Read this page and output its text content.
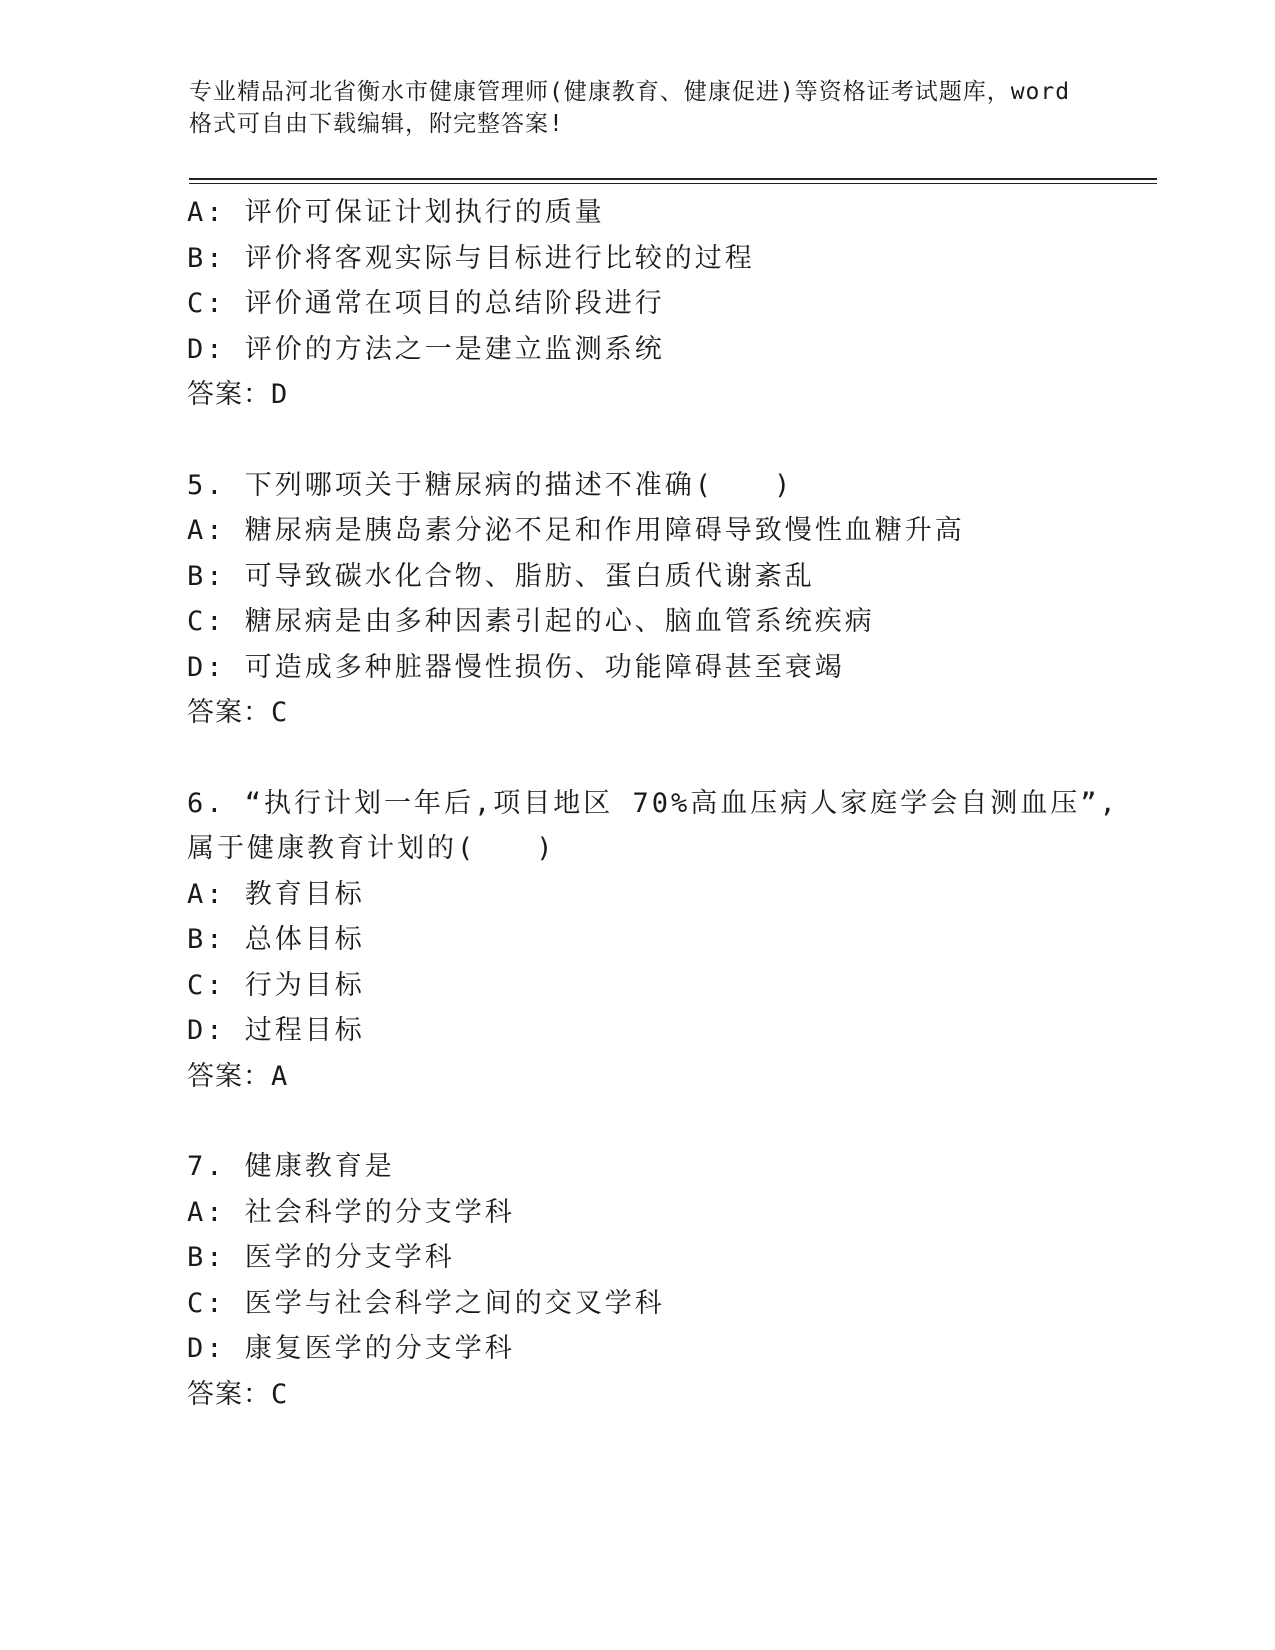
专业精品河北省衡水市健康管理师(健康教育、健康促进)等资格证考试题库，word
格式可自由下载编辑，附完整答案!
A: 评价可保证计划执行的质量
B: 评价将客观实际与目标进行比较的过程
C: 评价通常在项目的总结阶段进行
D: 评价的方法之一是建立监测系统
答案：D
5. 下列哪项关于糖尿病的描述不准确(　　)
A: 糖尿病是胰岛素分泌不足和作用障碍导致慢性血糖升高
B: 可导致碳水化合物、脂肪、蛋白质代谢紊乱
C: 糖尿病是由多种因素引起的心、脑血管系统疾病
D: 可造成多种脏器慢性损伤、功能障碍甚至衰竭
答案：C
6. “执行计划一年后,项目地区 70%高血压病人家庭学会自测血压”,
属于健康教育计划的(　　)
A: 教育目标
B: 总体目标
C: 行为目标
D: 过程目标
答案：A
7. 健康教育是
A: 社会科学的分支学科
B: 医学的分支学科
C: 医学与社会科学之间的交叉学科
D: 康复医学的分支学科
答案：C
